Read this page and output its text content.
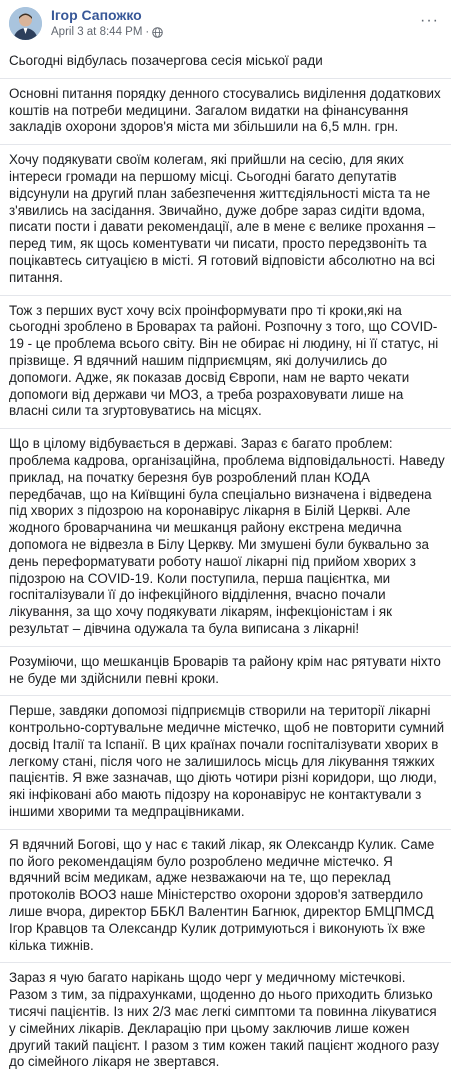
Ігор Сапожко
April 3 at 8:44 PM ·
···

Сьогодні відбулась позачергова сесія міської ради

Основні питання порядку денного стосувались виділення додаткових коштів на потреби медицини. Загалом видатки на фінансування закладів охорони здоров'я міста ми збільшили на 6,5 млн. грн.

Хочу подякувати своїм колегам, які прийшли на сесію, для яких інтереси громади на першому місці. Сьогодні багато депутатів відсунули на другий план забезпечення життєдіяльності міста та не з'явились на засідання. Звичайно, дуже добре зараз сидіти вдома, писати пости і давати рекомендації, але в мене є велике прохання – перед тим, як щось коментувати чи писати, просто передзвоніть та поцікавтесь ситуацією в місті. Я готовий відповісти абсолютно на всі питання.

Тож з перших вуст хочу всіх проінформувати про ті кроки,які на сьогодні зроблено в Броварах та районі. Розпочну з того, що COVID-19 - це проблема всього світу. Він не обирає ні людину, ні її статус, ні прізвище. Я вдячний нашим підприємцям, які долучились до допомоги. Адже, як показав досвід Європи, нам не варто чекати допомоги від держави чи МОЗ, а треба розраховувати лише на власні сили та згуртовуватись на місцях.

Що в цілому відбувається в державі. Зараз є багато проблем: проблема кадрова, організаційна, проблема відповідальності. Наведу приклад, на початку березня був розроблений план КОДА передбачав, що на Київщині була спеціально визначена і відведена під хворих з підозрою на коронавірус лікарня в Білій Церкві. Але жодного броварчанина чи мешканця району екстрена медична допомога не відвезла в Білу Церкву. Ми змушені були буквально за день переформатувати роботу нашої лікарні під прийом хворих з підозрою на COVID-19. Коли поступила, перша пацієнтка, ми госпіталізували її до інфекційного відділення, вчасно почали лікування, за що хочу подякувати лікарям, інфекціоністам і як результат – дівчина одужала та була виписана з лікарні!

Розуміючи, що мешканців Броварів та району крім нас рятувати ніхто не буде ми здійснили певні кроки.

Перше, завдяки допомозі підприємців створили на території лікарні контрольно-сортувальне медичне містечко, щоб не повторити сумний досвід Італії та Іспанії. В цих країнах почали госпіталізувати хворих в легкому стані, після чого не залишилось місць для лікування тяжких пацієнтів. Я вже зазначав, що діють чотири різні коридори, що люди, які інфіковані або мають підозру на коронавірус не контактували з іншими хворими та медпрацівниками.

Я вдячний Богові, що у нас є такий лікар, як Олександр Кулик. Саме по його рекомендаціям було розроблено медичне містечко. Я вдячний всім медикам, адже незважаючи на те, що переклад протоколів ВООЗ наше Міністерство охорони здоров'я затвердило лише вчора, директор ББКЛ Валентин Багнюк, директор БМЦПМСД Ігор Кравцов та Олександр Кулик дотримуються і виконують їх вже кілька тижнів.

Зараз я чую багато нарікань щодо черг у медичному містечкові. Разом з тим, за підрахунками, щоденно до нього приходить близько тисячі пацієнтів. Із них 2/3 має легкі симптоми та повинна лікуватися у сімейних лікарів. Декларацію при цьому заключив лише кожен другий такий пацієнт. І разом з тим кожен такий пацієнт жодного разу до сімейного лікаря не звертався.
